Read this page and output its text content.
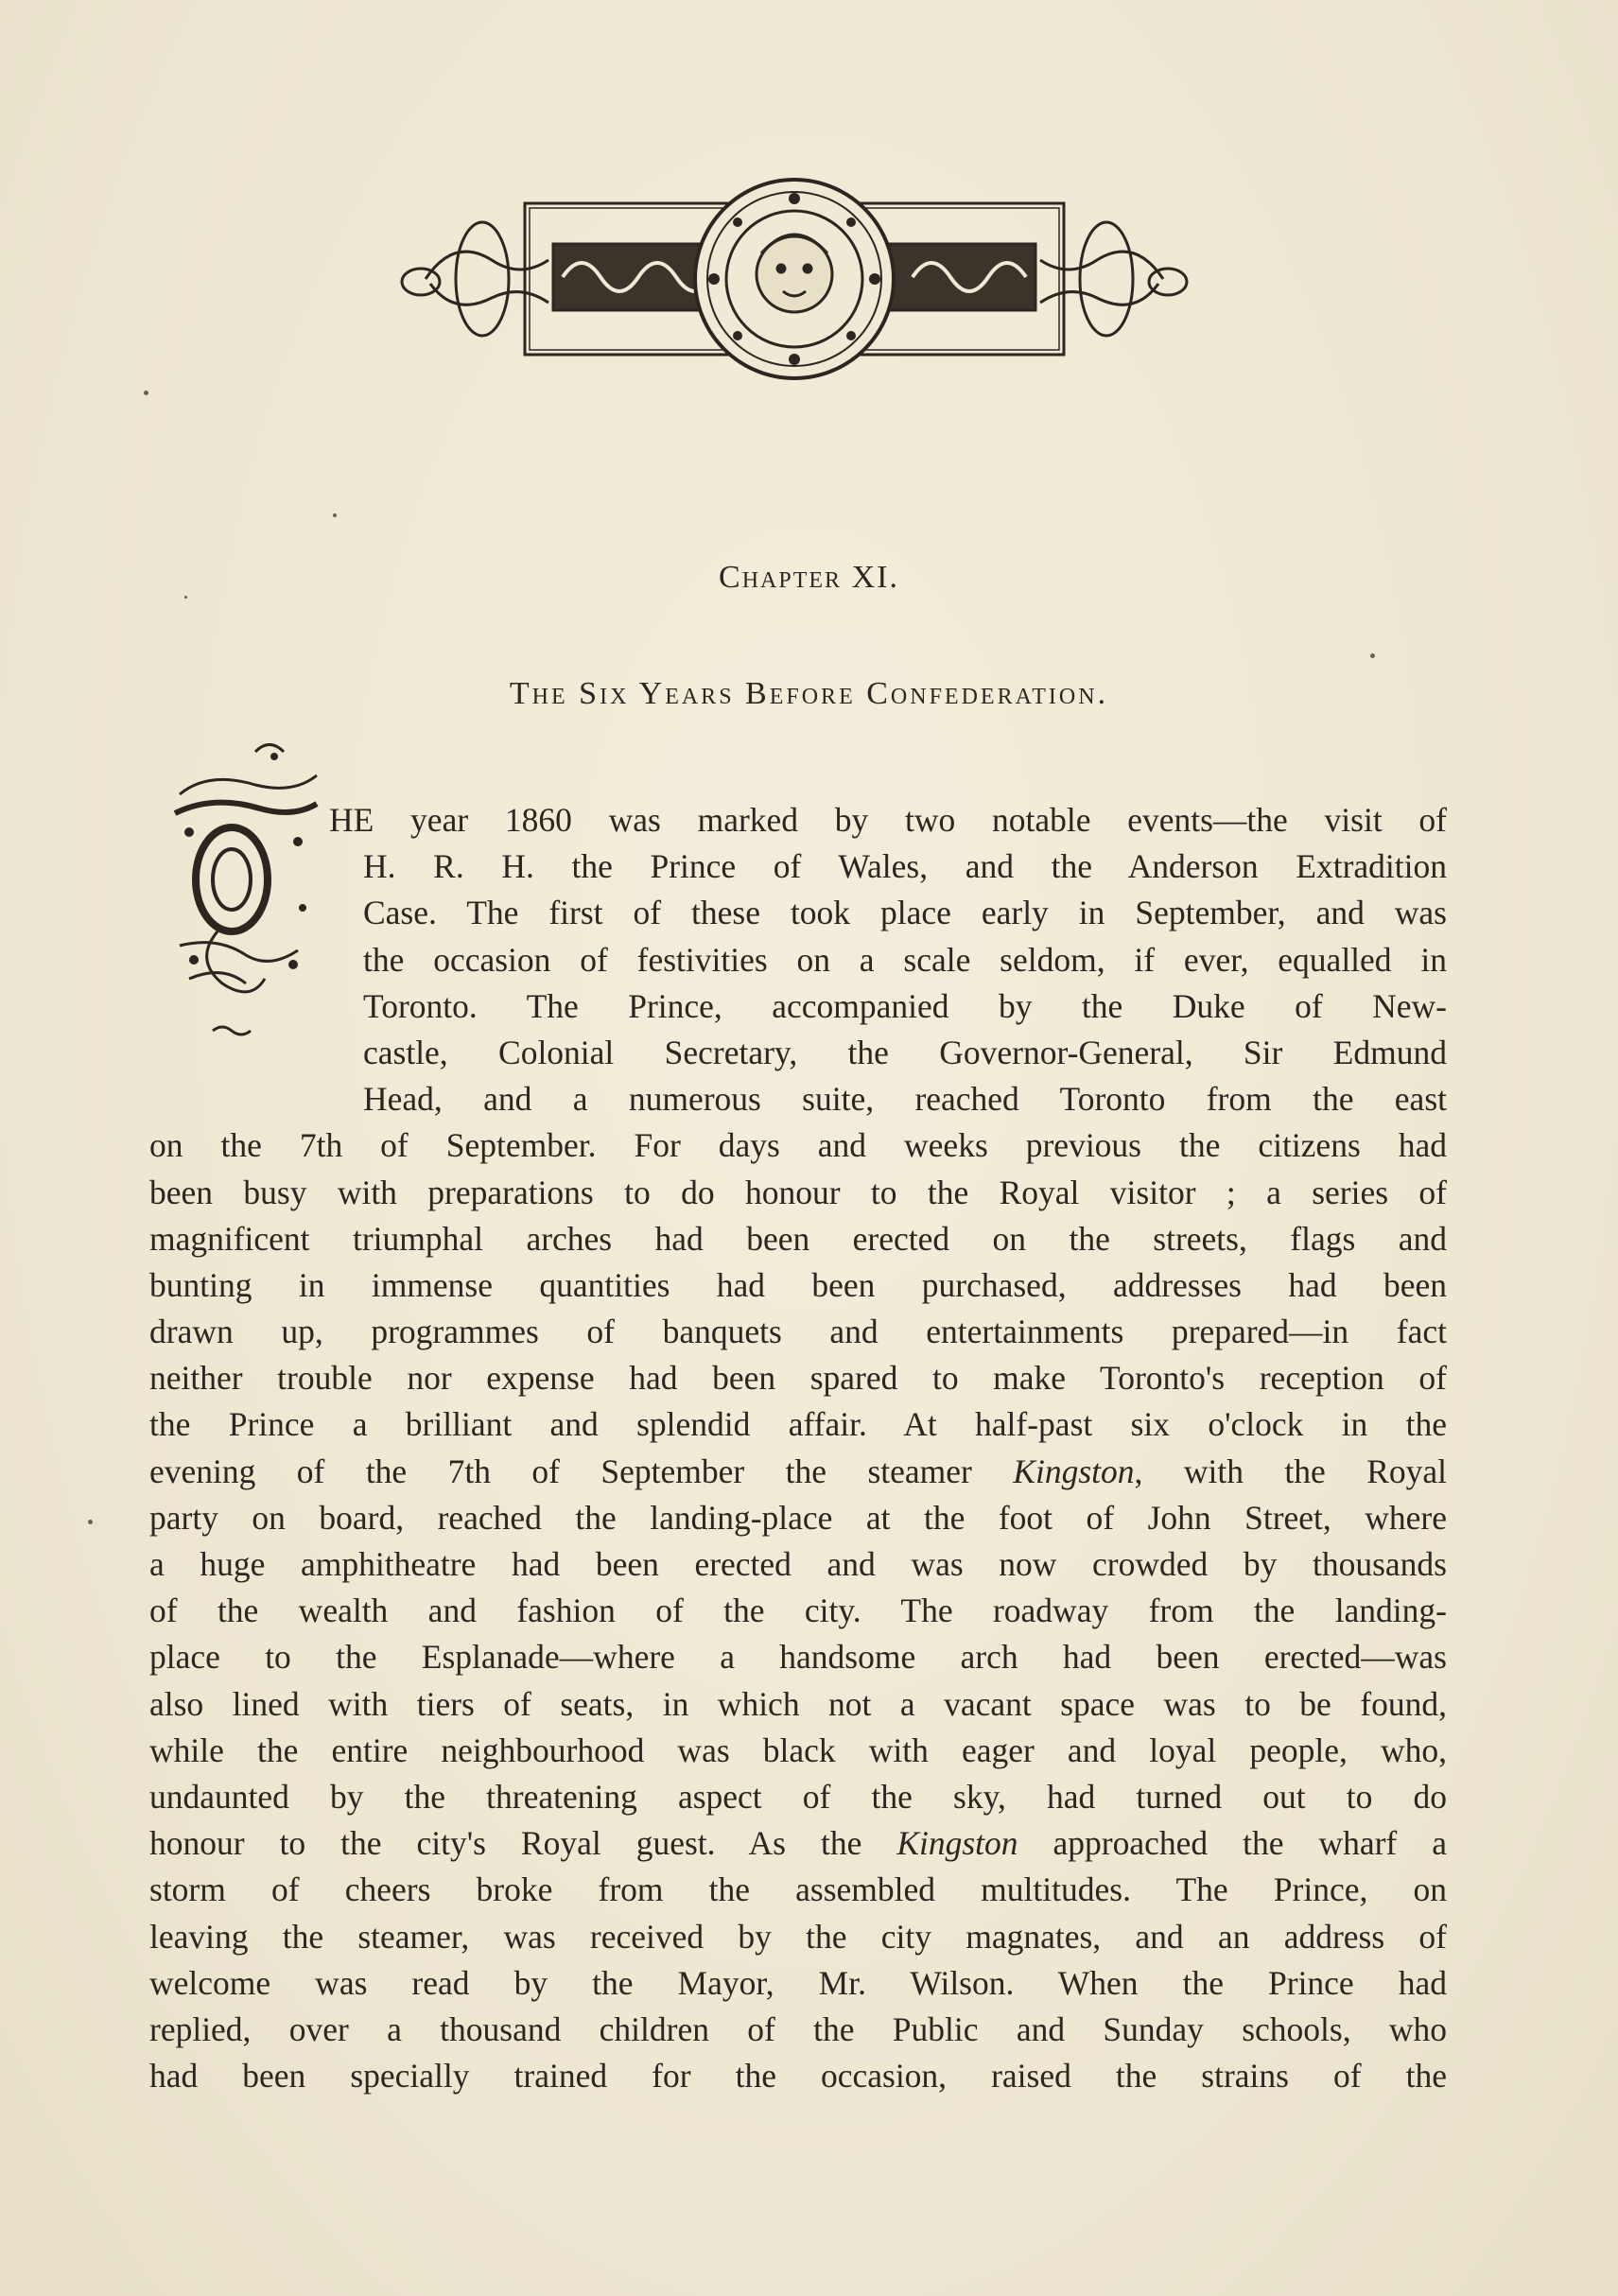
Chapter XI.
The Six Years Before Confederation.
HE year 1860 was marked by two notable events—the visit of
H. R. H. the Prince of Wales, and the Anderson Extradition
Case. The first of these took place early in September, and was
the occasion of festivities on a scale seldom, if ever, equalled in
Toronto. The Prince, accompanied by the Duke of New-
castle, Colonial Secretary, the Governor-General, Sir Edmund
Head, and a numerous suite, reached Toronto from the east
on the 7th of September. For days and weeks previous the citizens had
been busy with preparations to do honour to the Royal visitor ; a series of
magnificent triumphal arches had been erected on the streets, flags and
bunting in immense quantities had been purchased, addresses had been
drawn up, programmes of banquets and entertainments prepared—in fact
neither trouble nor expense had been spared to make Toronto's reception of
the Prince a brilliant and splendid affair. At half-past six o'clock in the
evening of the 7th of September the steamer Kingston, with the Royal
party on board, reached the landing-place at the foot of John Street, where
a huge amphitheatre had been erected and was now crowded by thousands
of the wealth and fashion of the city. The roadway from the landing-
place to the Esplanade—where a handsome arch had been erected—was
also lined with tiers of seats, in which not a vacant space was to be found,
while the entire neighbourhood was black with eager and loyal people, who,
undaunted by the threatening aspect of the sky, had turned out to do
honour to the city's Royal guest. As the Kingston approached the wharf a
storm of cheers broke from the assembled multitudes. The Prince, on
leaving the steamer, was received by the city magnates, and an address of
welcome was read by the Mayor, Mr. Wilson. When the Prince had
replied, over a thousand children of the Public and Sunday schools, who
had been specially trained for the occasion, raised the strains of the
